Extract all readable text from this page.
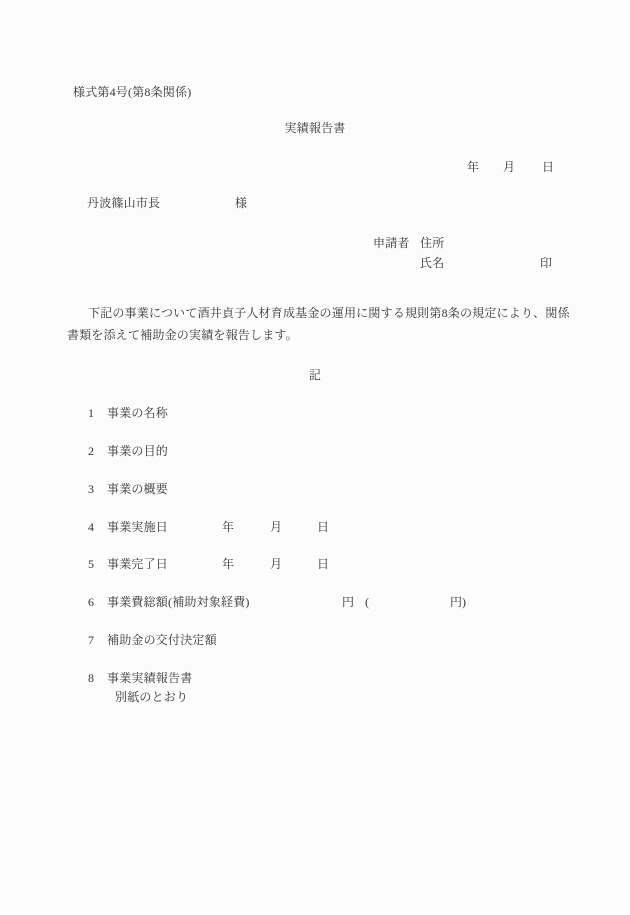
様式第4号(第8条関係)
実績報告書
年 月 日
丹波篠山市長	様
申請者 住所
氏名	印
下記の事業について酒井貞子人材育成基金の運用に関する規則第8条の規定により、関係
書類を添えて補助金の実績を報告します。
記
1 事業の名称
2 事業の目的
3 事業の概要
4 事業実施日	年	月	日
5 事業完了日	年	月	日
6 事業費総額(補助対象経費)	円 (	円 )
7 補助金の交付決定額
8 事業実績報告書
別紙のとおり
